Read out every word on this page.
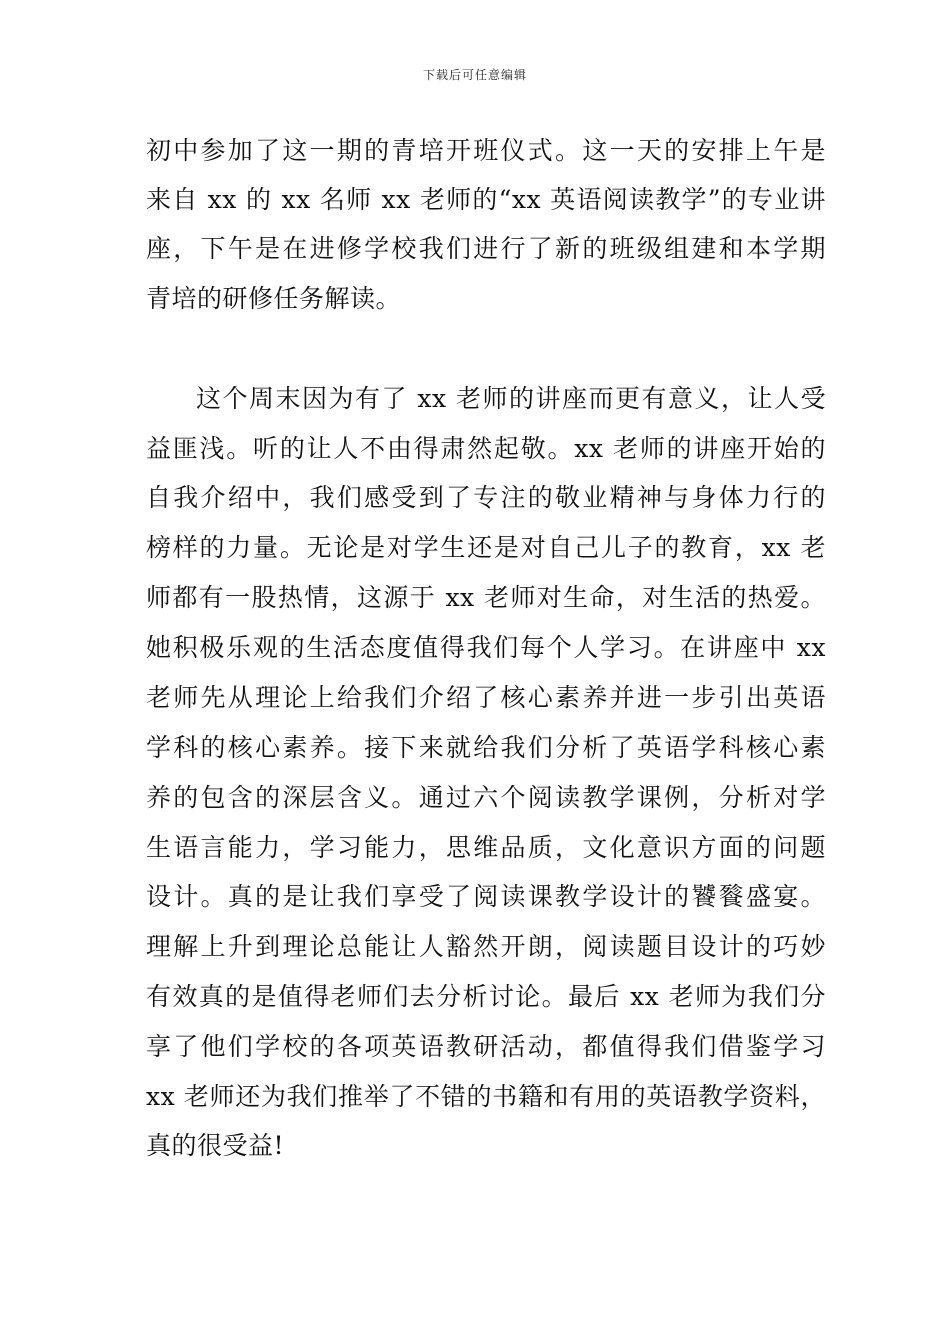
下载后可任意编辑
初中参加了这一期的青培开班仪式。这一天的安排上午是
来自 xx 的 xx 名师 xx 老师的“xx 英语阅读教学”的专业讲
座，下午是在进修学校我们进行了新的班级组建和本学期
青培的研修任务解读。
这个周末因为有了 xx 老师的讲座而更有意义，让人受
益匪浅。听的让人不由得肃然起敬。xx 老师的讲座开始的
自我介绍中，我们感受到了专注的敬业精神与身体力行的
榜样的力量。无论是对学生还是对自己儿子的教育，xx 老
师都有一股热情，这源于 xx 老师对生命，对生活的热爱。
她积极乐观的生活态度值得我们每个人学习。在讲座中 xx
老师先从理论上给我们介绍了核心素养并进一步引出英语
学科的核心素养。接下来就给我们分析了英语学科核心素
养的包含的深层含义。通过六个阅读教学课例，分析对学
生语言能力，学习能力，思维品质，文化意识方面的问题
设计。真的是让我们享受了阅读课教学设计的饕餮盛宴。
理解上升到理论总能让人豁然开朗，阅读题目设计的巧妙
有效真的是值得老师们去分析讨论。最后 xx 老师为我们分
享了他们学校的各项英语教研活动，都值得我们借鉴学习
xx 老师还为我们推举了不错的书籍和有用的英语教学资料，
真的很受益!
